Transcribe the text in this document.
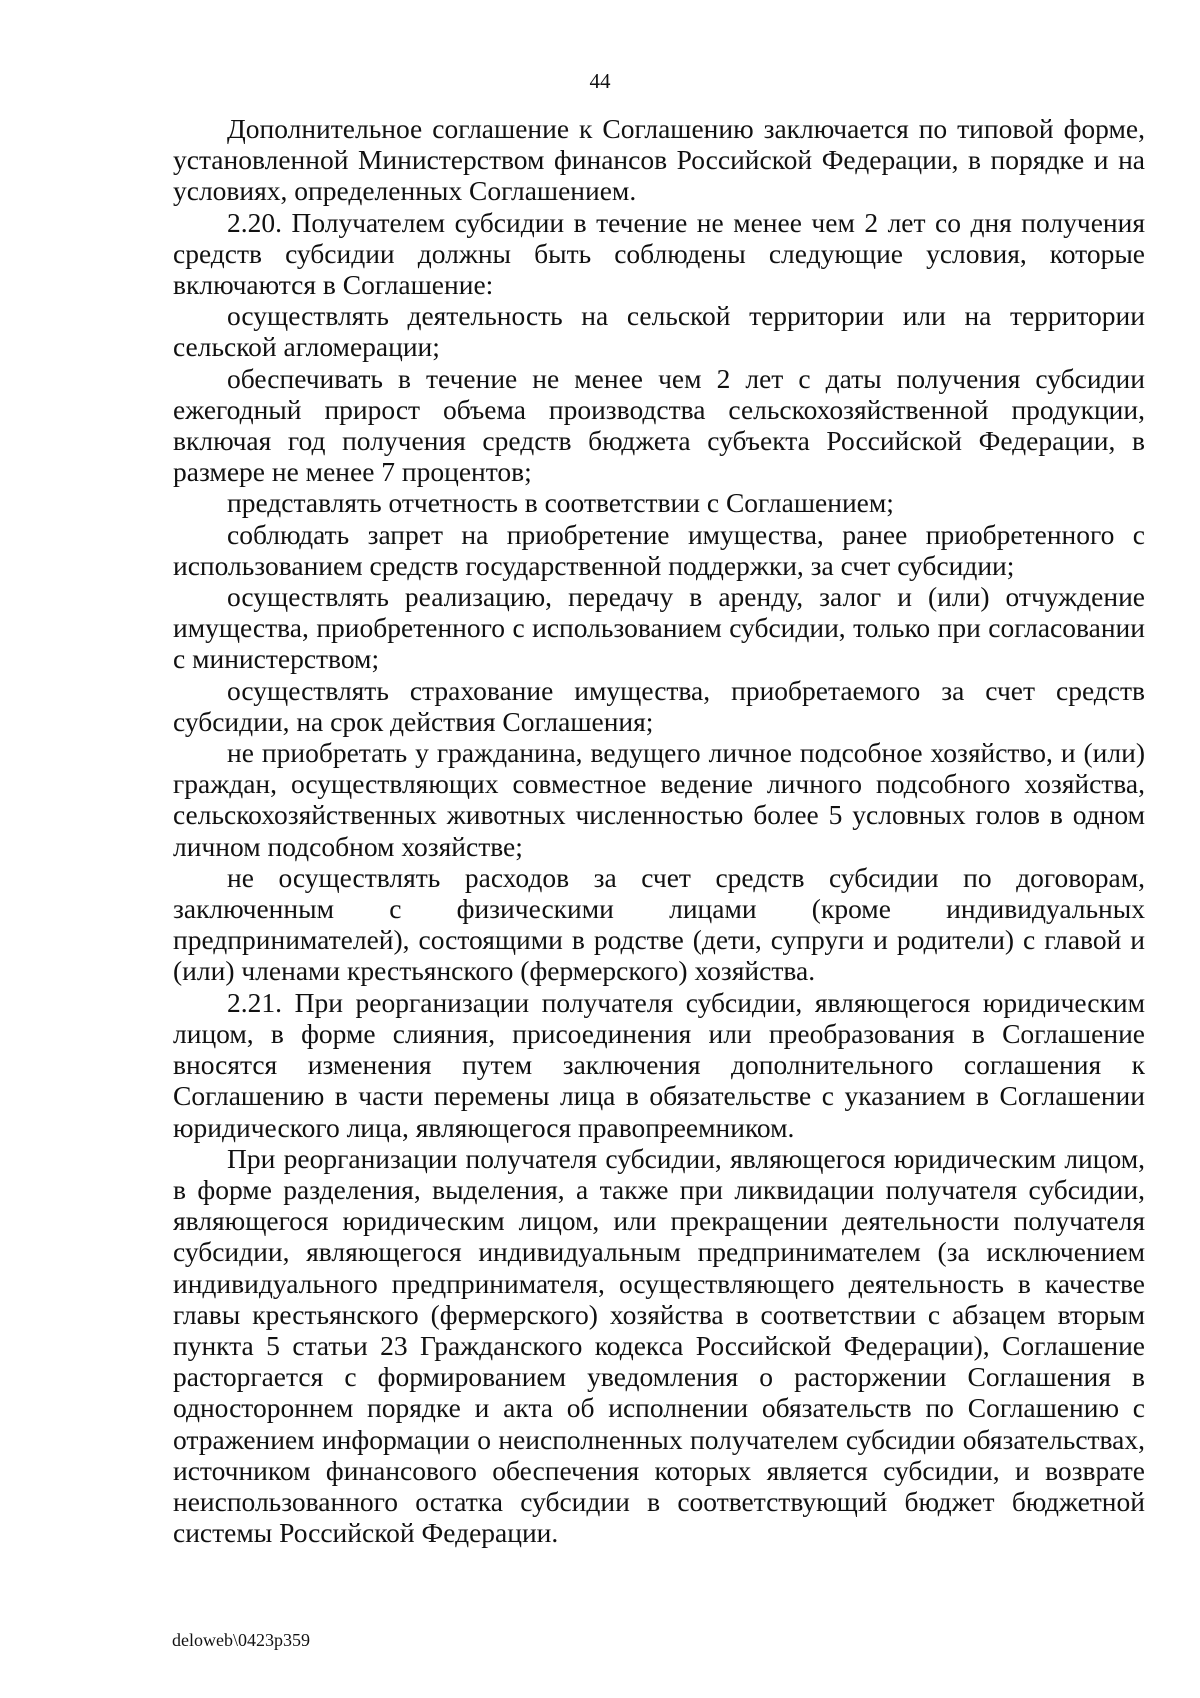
44

Дополнительное соглашение к Соглашению заключается по типовой форме, установленной Министерством финансов Российской Федерации, в порядке и на условиях, определенных Соглашением.

2.20. Получателем субсидии в течение не менее чем 2 лет со дня получения средств субсидии должны быть соблюдены следующие условия, которые включаются в Соглашение:

осуществлять деятельность на сельской территории или на территории сельской агломерации;

обеспечивать в течение не менее чем 2 лет с даты получения субсидии ежегодный прирост объема производства сельскохозяйственной продукции, включая год получения средств бюджета субъекта Российской Федерации, в размере не менее 7 процентов;

представлять отчетность в соответствии с Соглашением;

соблюдать запрет на приобретение имущества, ранее приобретенного с использованием средств государственной поддержки, за счет субсидии;

осуществлять реализацию, передачу в аренду, залог и (или) отчуждение имущества, приобретенного с использованием субсидии, только при согласовании с министерством;

осуществлять страхование имущества, приобретаемого за счет средств субсидии, на срок действия Соглашения;

не приобретать у гражданина, ведущего личное подсобное хозяйство, и (или) граждан, осуществляющих совместное ведение личного подсобного хозяйства, сельскохозяйственных животных численностью более 5 условных голов в одном личном подсобном хозяйстве;

не осуществлять расходов за счет средств субсидии по договорам, заключенным с физическими лицами (кроме индивидуальных предпринимателей), состоящими в родстве (дети, супруги и родители) с главой и (или) членами крестьянского (фермерского) хозяйства.

2.21. При реорганизации получателя субсидии, являющегося юридическим лицом, в форме слияния, присоединения или преобразования в Соглашение вносятся изменения путем заключения дополнительного соглашения к Соглашению в части перемены лица в обязательстве с указанием в Соглашении юридического лица, являющегося правопреемником.

При реорганизации получателя субсидии, являющегося юридическим лицом, в форме разделения, выделения, а также при ликвидации получателя субсидии, являющегося юридическим лицом, или прекращении деятельности получателя субсидии, являющегося индивидуальным предпринимателем (за исключением индивидуального предпринимателя, осуществляющего деятельность в качестве главы крестьянского (фермерского) хозяйства в соответствии с абзацем вторым пункта 5 статьи 23 Гражданского кодекса Российской Федерации), Соглашение расторгается с формированием уведомления о расторжении Соглашения в одностороннем порядке и акта об исполнении обязательств по Соглашению с отражением информации о неисполненных получателем субсидии обязательствах, источником финансового обеспечения которых является субсидии, и возврате неиспользованного остатка субсидии в соответствующий бюджет бюджетной системы Российской Федерации.

deloweb\0423p359
